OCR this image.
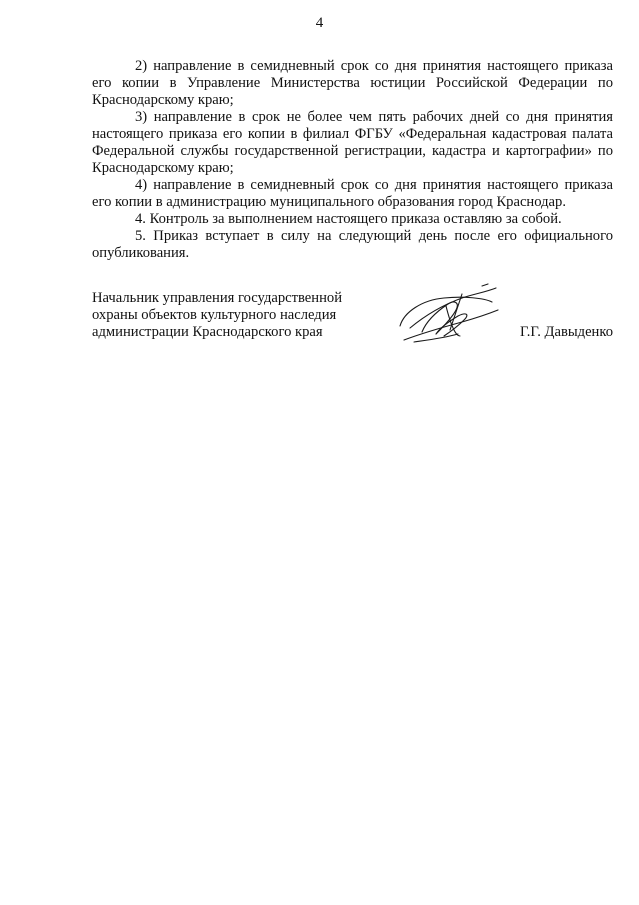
4

2) направление в семидневный срок со дня принятия настоящего приказа его копии в Управление Министерства юстиции Российской Федерации по Краснодарскому краю;

3) направление в срок не более чем пять рабочих дней со дня принятия настоящего приказа его копии в филиал ФГБУ «Федеральная кадастровая палата Федеральной службы государственной регистрации, кадастра и картографии» по Краснодарскому краю;

4) направление в семидневный срок со дня принятия настоящего приказа его копии в администрацию муниципального образования город Краснодар.

4. Контроль за выполнением настоящего приказа оставляю за собой.

5. Приказ вступает в силу на следующий день после его официального опубликования.

Начальник управления государственной
охраны объектов культурного наследия
администрации Краснодарского края	Г.Г. Давыденко
